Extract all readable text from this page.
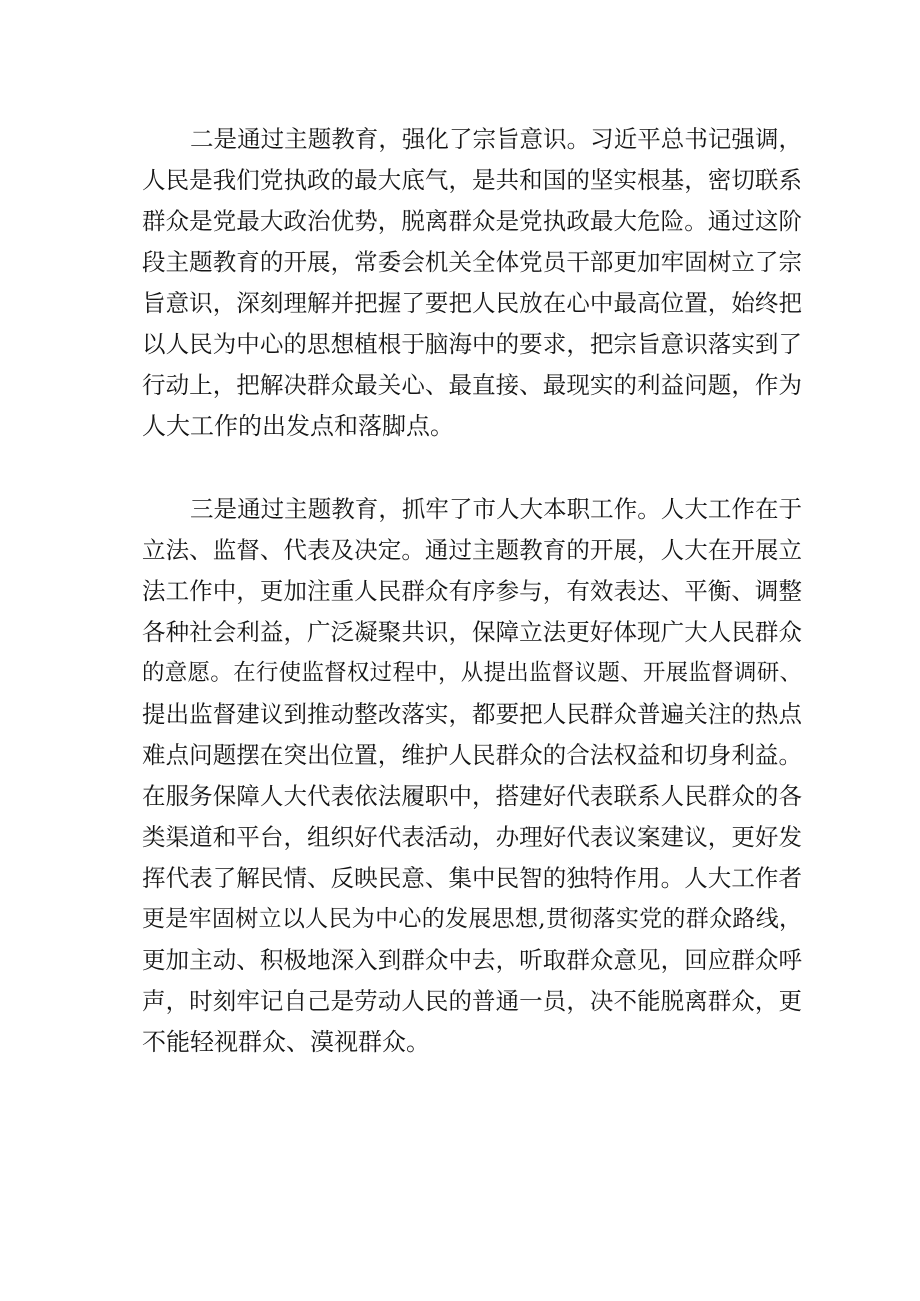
二是通过主题教育，强化了宗旨意识。习近平总书记强调，
人民是我们党执政的最大底气，是共和国的坚实根基，密切联系
群众是党最大政治优势，脱离群众是党执政最大危险。通过这阶
段主题教育的开展，常委会机关全体党员干部更加牢固树立了宗
旨意识，深刻理解并把握了要把人民放在心中最高位置，始终把
以人民为中心的思想植根于脑海中的要求，把宗旨意识落实到了
行动上，把解决群众最关心、最直接、最现实的利益问题，作为
人大工作的出发点和落脚点。
三是通过主题教育，抓牢了市人大本职工作。人大工作在于
立法、监督、代表及决定。通过主题教育的开展，人大在开展立
法工作中，更加注重人民群众有序参与，有效表达、平衡、调整
各种社会利益，广泛凝聚共识，保障立法更好体现广大人民群众
的意愿。在行使监督权过程中，从提出监督议题、开展监督调研、
提出监督建议到推动整改落实，都要把人民群众普遍关注的热点
难点问题摆在突出位置，维护人民群众的合法权益和切身利益。
在服务保障人大代表依法履职中，搭建好代表联系人民群众的各
类渠道和平台，组织好代表活动，办理好代表议案建议，更好发
挥代表了解民情、反映民意、集中民智的独特作用。人大工作者
更是牢固树立以人民为中心的发展思想,贯彻落实党的群众路线，
更加主动、积极地深入到群众中去，听取群众意见，回应群众呼
声，时刻牢记自己是劳动人民的普通一员，决不能脱离群众，更
不能轻视群众、漠视群众。
